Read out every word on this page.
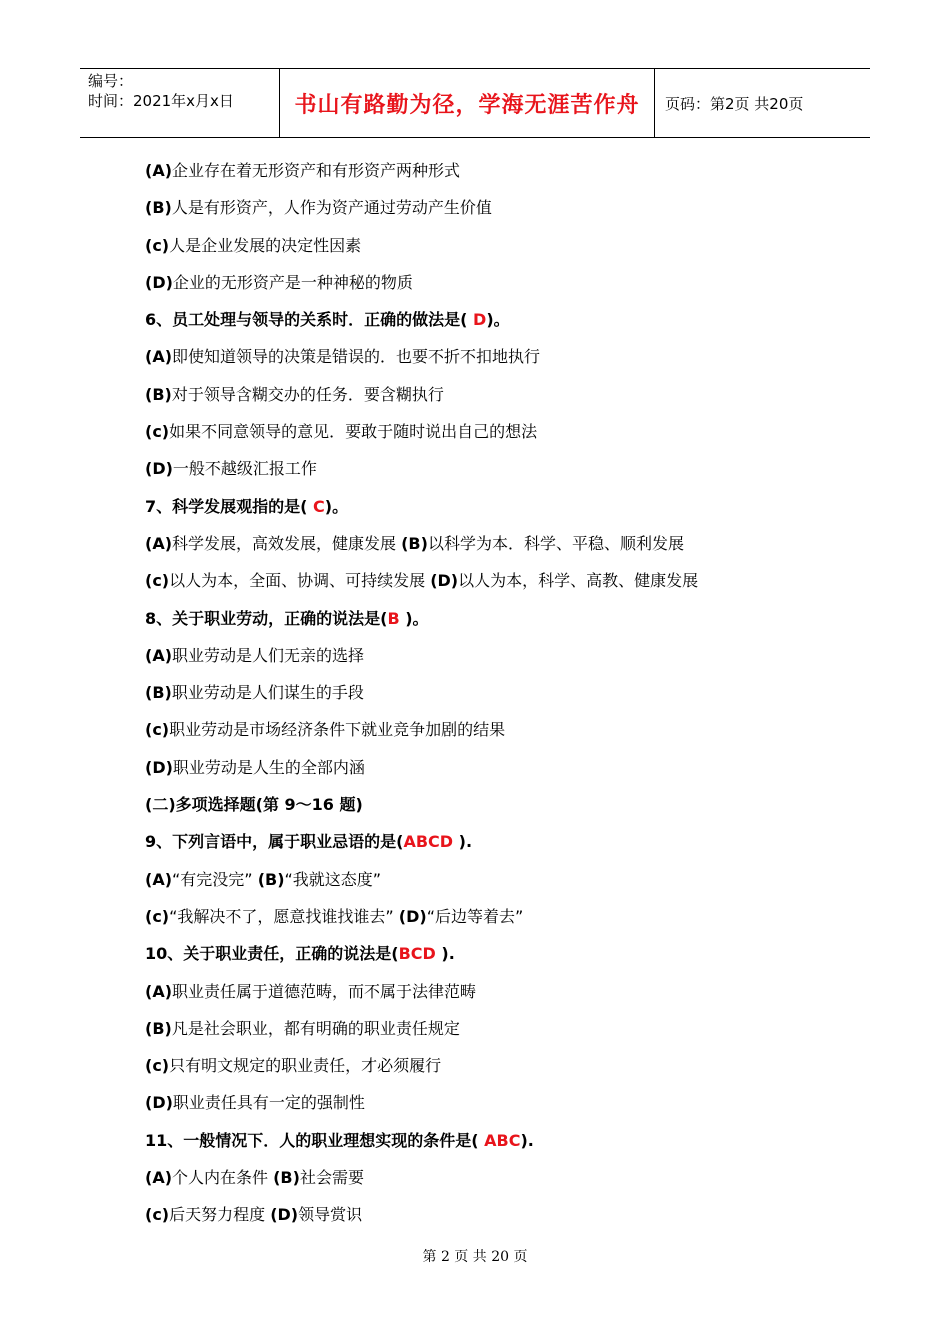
编号：
时间：2021年x月x日	书山有路勤为径，学海无涯苦作舟	页码：第2页 共20页
(A)企业存在着无形资产和有形资产两种形式
(B)人是有形资产，人作为资产通过劳动产生价值
(c)人是企业发展的决定性因素
(D)企业的无形资产是一种神秘的物质
6、员工处理与领导的关系时．正确的做法是( D)。
(A)即使知道领导的决策是错误的．也要不折不扣地执行
(B)对于领导含糊交办的任务．要含糊执行
(c)如果不同意领导的意见．要敢于随时说出自己的想法
(D)一般不越级汇报工作
7、科学发展观指的是( C)。
(A)科学发展，高效发展，健康发展 (B)以科学为本．科学、平稳、顺利发展
(c)以人为本，全面、协调、可持续发展 (D)以人为本，科学、高教、健康发展
8、关于职业劳动，正确的说法是(B )。
(A)职业劳动是人们无亲的选择
(B)职业劳动是人们谋生的手段
(c)职业劳动是市场经济条件下就业竞争加剧的结果
(D)职业劳动是人生的全部内涵
(二)多项选择题(第 9～16 题)
9、下列言语中，属于职业忌语的是(ABCD ).
(A)“有完没完” (B)“我就这态度”
(c)“我解决不了，愿意找谁找谁去” (D)“后边等着去”
10、关于职业责任，正确的说法是(BCD ).
(A)职业责任属于道德范畴，而不属于法律范畴
(B)凡是社会职业，都有明确的职业责任规定
(c)只有明文规定的职业责任，才必须履行
(D)职业责任具有一定的强制性
11、一般情况下．人的职业理想实现的条件是( ABC).
(A)个人内在条件 (B)社会需要
(c)后天努力程度 (D)领导赏识
第 2 页 共 20 页
